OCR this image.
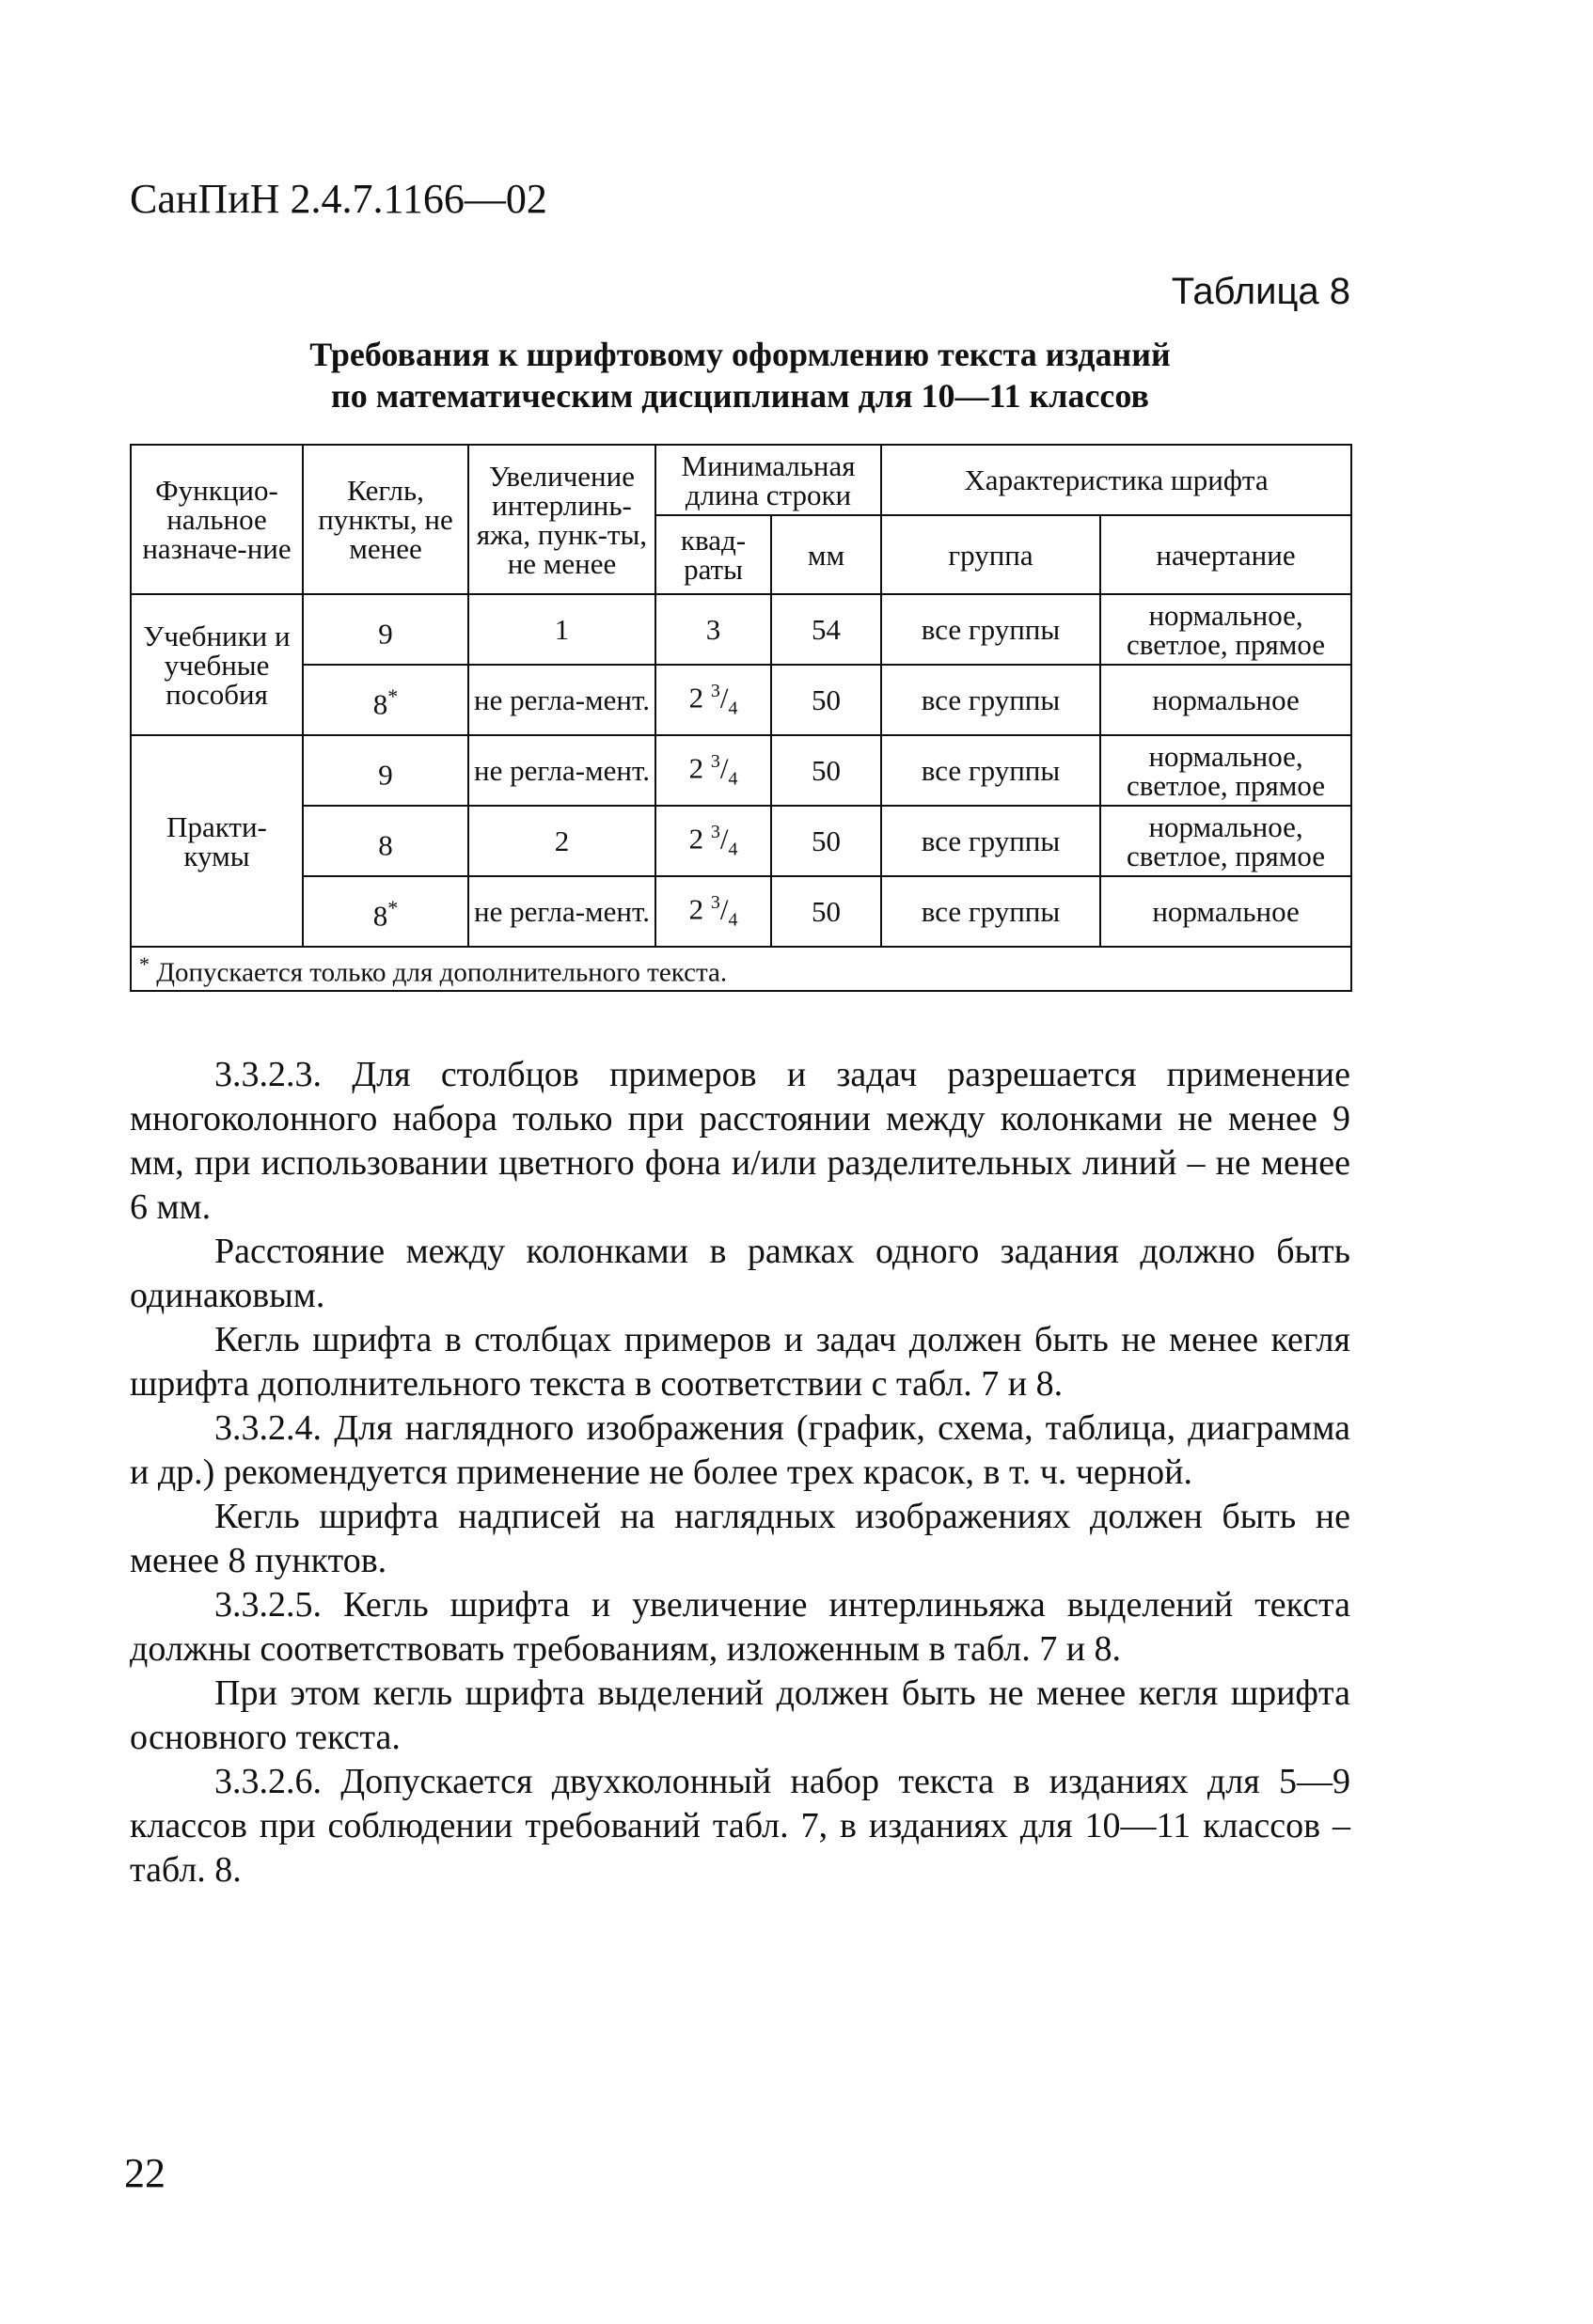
СанПиН 2.4.7.1166—02
Таблица 8
Требования к шрифтовому оформлению текста изданий
по математическим дисциплинам для 10—11 классов
Функцио-нальное назначе-ние	Кегль, пункты, не менее	Увеличение интерлинь-яжа, пунк-ты, не менее	Минимальная длина строки		Характеристика шрифта	
			квад-раты	мм	группа	начертание
Учебники и учебные пособия	9	1	3	54	все группы	нормальное, светлое, прямое
	8*	не регла-мент.	2 $^3/_4$	50	все группы	нормальное
Практи-кумы	9	не регла-мент.	2 $^3/_4$	50	все группы	нормальное, светлое, прямое
	8	2	2 $^3/_4$	50	все группы	нормальное, светлое, прямое
	8*	не регла-мент.	2 $^3/_4$	50	все группы	нормальное
* Допускается только для дополнительного текста.						

3.3.2.3. Для столбцов примеров и задач разрешается применение многоколонного набора только при расстоянии между колонками не менее 9 мм, при использовании цветного фона и/или разделительных линий – не менее 6 мм.

Расстояние между колонками в рамках одного задания должно быть одинаковым.

Кегль шрифта в столбцах примеров и задач должен быть не менее кегля шрифта дополнительного текста в соответствии с табл. 7 и 8.

3.3.2.4. Для наглядного изображения (график, схема, таблица, диаграмма и др.) рекомендуется применение не более трех красок, в т. ч. черной.

Кегль шрифта надписей на наглядных изображениях должен быть не менее 8 пунктов.

3.3.2.5. Кегль шрифта и увеличение интерлиньяжа выделений текста должны соответствовать требованиям, изложенным в табл. 7 и 8.

При этом кегль шрифта выделений должен быть не менее кегля шрифта основного текста.

3.3.2.6. Допускается двухколонный набор текста в изданиях для 5—9 классов при соблюдении требований табл. 7, в изданиях для 10—11 классов – табл. 8.

22
